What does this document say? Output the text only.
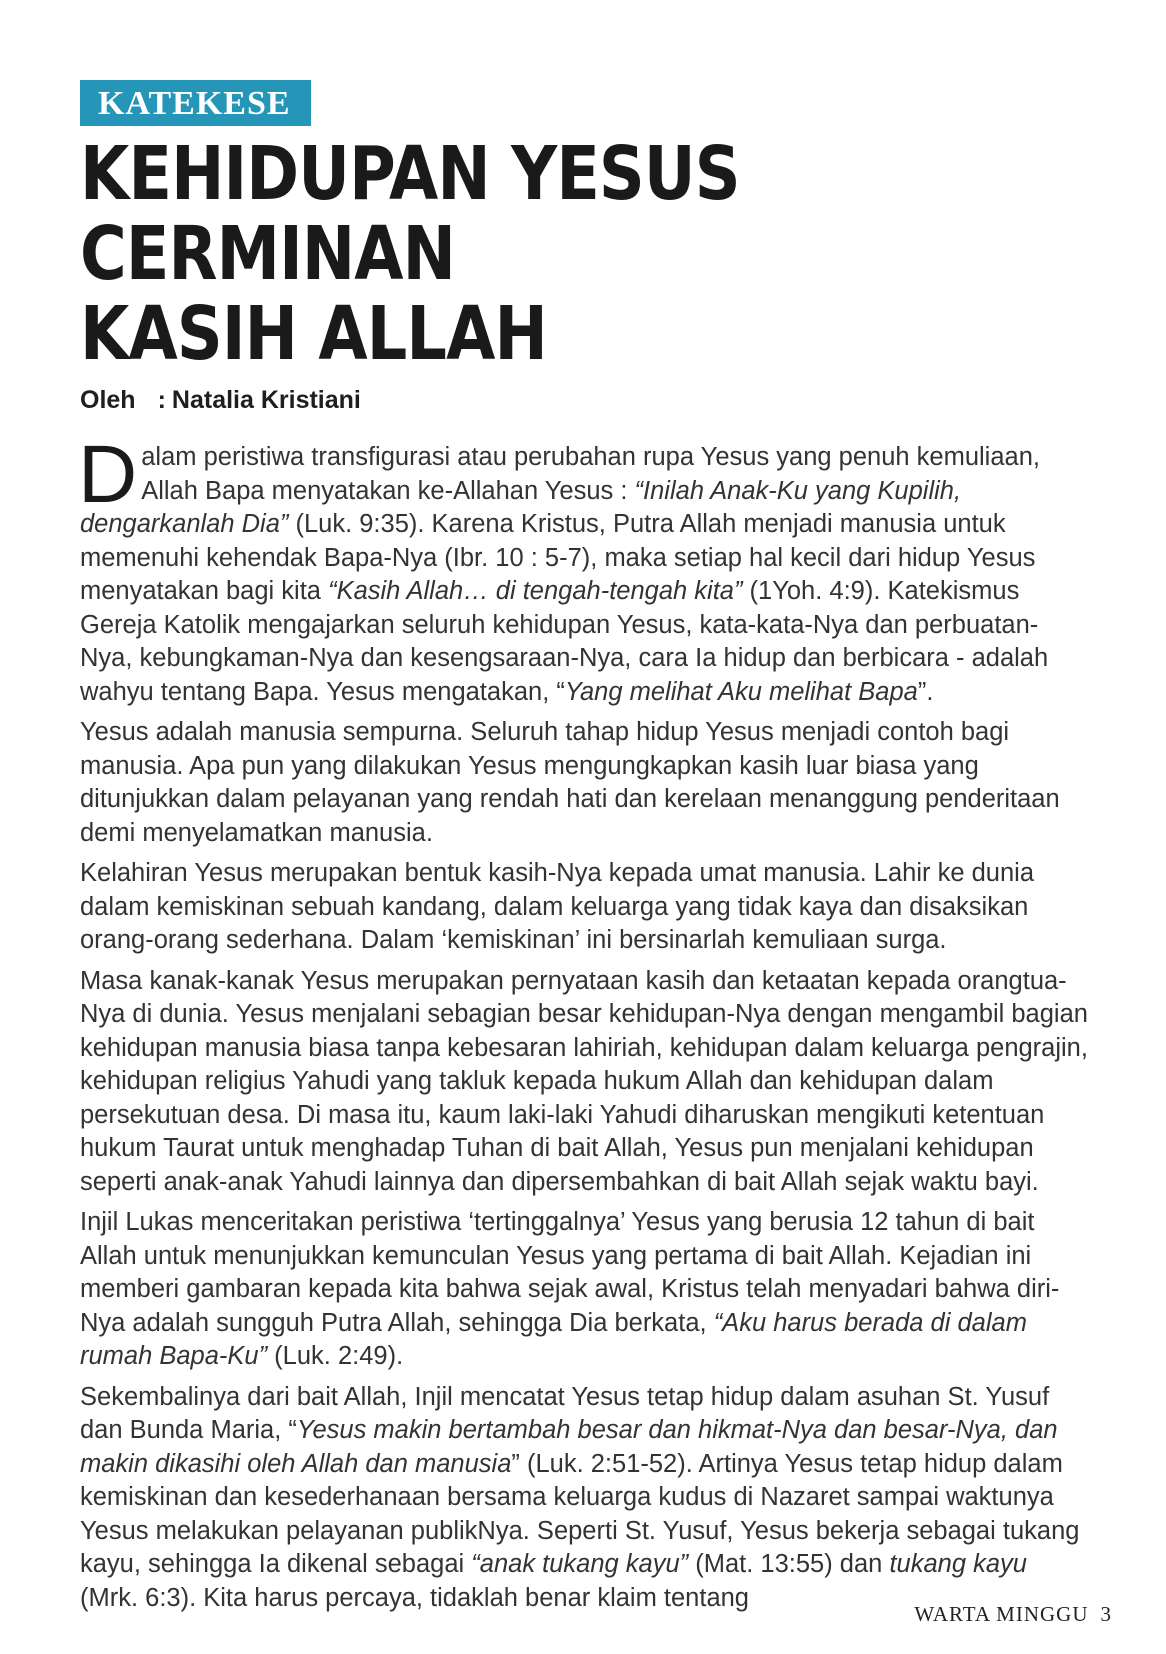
KATEKESE
KEHIDUPAN YESUS CERMINAN
KASIH ALLAH
Oleh : Natalia Kristiani

Dalam peristiwa transfigurasi atau perubahan rupa Yesus yang penuh kemuliaan, Allah Bapa menyatakan ke-Allahan Yesus : “Inilah Anak-Ku yang Kupilih, dengarkanlah Dia” (Luk. 9:35). Karena Kristus, Putra Allah menjadi manusia untuk memenuhi kehendak Bapa-Nya (Ibr. 10 : 5-7), maka setiap hal kecil dari hidup Yesus menyatakan bagi kita “Kasih Allah… di tengah-tengah kita” (1Yoh. 4:9). Katekismus Gereja Katolik mengajarkan seluruh kehidupan Yesus, kata-kata-Nya dan perbuatan-Nya, kebungkaman-Nya dan kesengsaraan-Nya, cara Ia hidup dan berbicara - adalah wahyu tentang Bapa. Yesus mengatakan, “Yang melihat Aku melihat Bapa”.

Yesus adalah manusia sempurna. Seluruh tahap hidup Yesus menjadi contoh bagi manusia. Apa pun yang dilakukan Yesus mengungkapkan kasih luar biasa yang ditunjukkan dalam pelayanan yang rendah hati dan kerelaan menanggung penderitaan demi menyelamatkan manusia.

Kelahiran Yesus merupakan bentuk kasih-Nya kepada umat manusia. Lahir ke dunia dalam kemiskinan sebuah kandang, dalam keluarga yang tidak kaya dan disaksikan orang-orang sederhana. Dalam ‘kemiskinan’ ini bersinarlah kemuliaan surga.

Masa kanak-kanak Yesus merupakan pernyataan kasih dan ketaatan kepada orangtua-Nya di dunia. Yesus menjalani sebagian besar kehidupan-Nya dengan mengambil bagian kehidupan manusia biasa tanpa kebesaran lahiriah, kehidupan dalam keluarga pengrajin, kehidupan religius Yahudi yang takluk kepada hukum Allah dan kehidupan dalam persekutuan desa. Di masa itu, kaum laki-laki Yahudi diharuskan mengikuti ketentuan hukum Taurat untuk menghadap Tuhan di bait Allah, Yesus pun menjalani kehidupan seperti anak-anak Yahudi lainnya dan dipersembahkan di bait Allah sejak waktu bayi.

Injil Lukas menceritakan peristiwa ‘tertinggalnya’ Yesus yang berusia 12 tahun di bait Allah untuk menunjukkan kemunculan Yesus yang pertama di bait Allah. Kejadian ini memberi gambaran kepada kita bahwa sejak awal, Kristus telah menyadari bahwa diri-Nya adalah sungguh Putra Allah, sehingga Dia berkata, “Aku harus berada di dalam rumah Bapa-Ku” (Luk. 2:49).

Sekembalinya dari bait Allah, Injil mencatat Yesus tetap hidup dalam asuhan St. Yusuf dan Bunda Maria, “Yesus makin bertambah besar dan hikmat-Nya dan besar-Nya, dan makin dikasihi oleh Allah dan manusia” (Luk. 2:51-52). Artinya Yesus tetap hidup dalam kemiskinan dan kesederhanaan bersama keluarga kudus di Nazaret sampai waktunya Yesus melakukan pelayanan publikNya. Seperti St. Yusuf, Yesus bekerja sebagai tukang kayu, sehingga Ia dikenal sebagai “anak tukang kayu” (Mat. 13:55) dan tukang kayu (Mrk. 6:3). Kita harus percaya, tidaklah benar klaim tentang

WARTA MINGGU 3
